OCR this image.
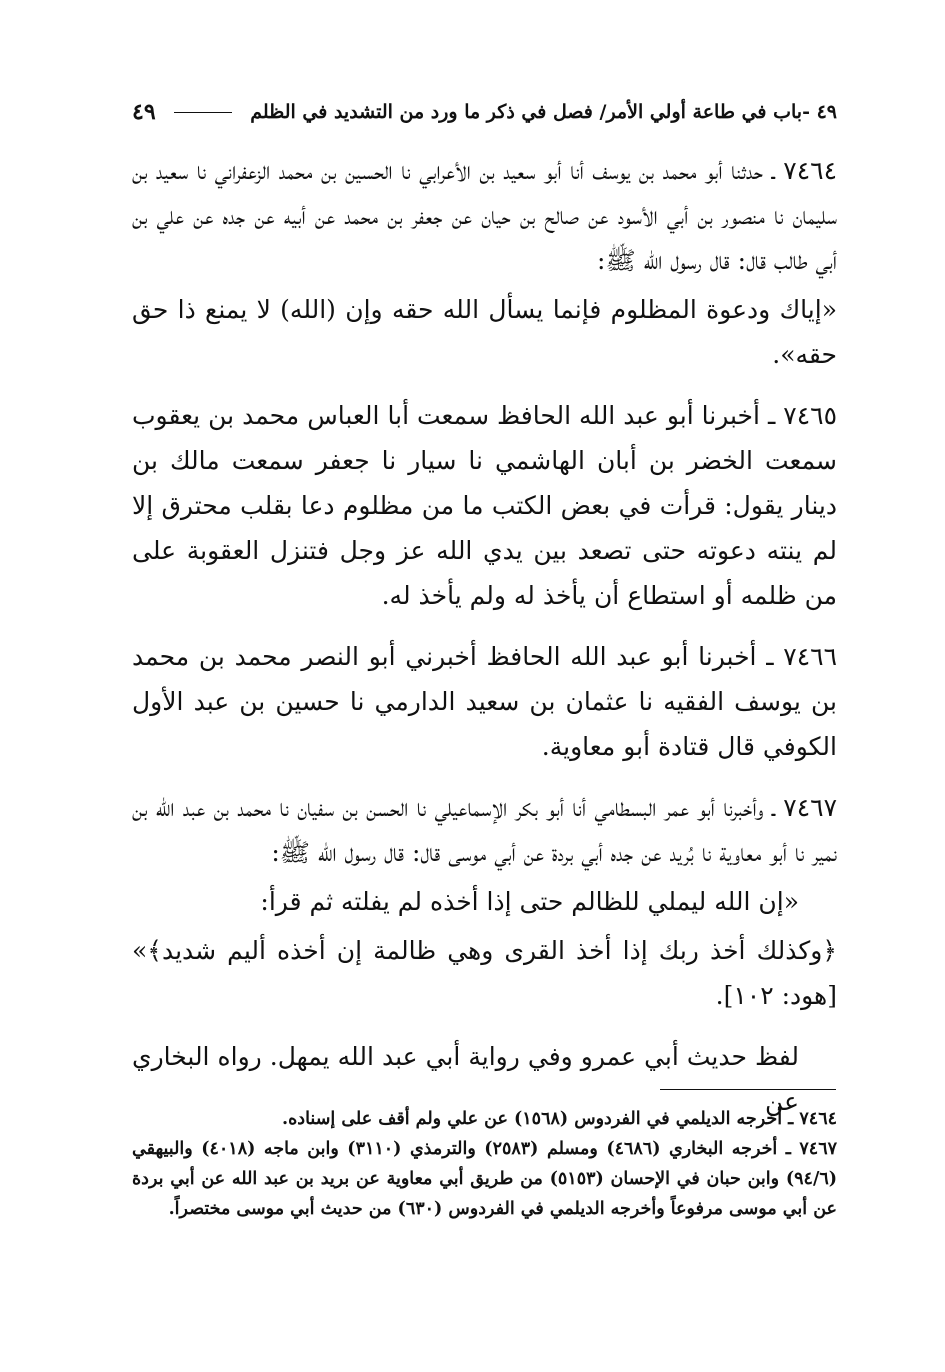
٤٩ -باب في طاعة أولي الأمر/ فصل في ذكر ما ورد من التشديد في الظلم
٤٩

٧٤٦٤ ـ حدثنا أبو محمد بن يوسف أنا أبو سعيد بن الأعرابي نا الحسين بن محمد الزعفراني نا سعيد بن سليمان نا منصور بن أبي الأسود عن صالح بن حيان عن جعفر بن محمد عن أبيه عن جده عن علي بن أبي طالب قال: قال رسول الله ﷺ:

«إياك ودعوة المظلوم فإنما يسأل الله حقه وإن (الله) لا يمنع ذا حق حقه».

٧٤٦٥ ـ أخبرنا أبو عبد الله الحافظ سمعت أبا العباس محمد بن يعقوب سمعت الخضر بن أبان الهاشمي نا سيار نا جعفر سمعت مالك بن دينار يقول: قرأت في بعض الكتب ما من مظلوم دعا بقلب محترق إلا لم ينته دعوته حتى تصعد بين يدي الله عز وجل فتنزل العقوبة على من ظلمه أو استطاع أن يأخذ له ولم يأخذ له.

٧٤٦٦ ـ أخبرنا أبو عبد الله الحافظ أخبرني أبو النصر محمد بن محمد بن يوسف الفقيه نا عثمان بن سعيد الدارمي نا حسين بن عبد الأول الكوفي قال قتادة أبو معاوية.

٧٤٦٧ ـ وأخبرنا أبو عمر البسطامي أنا أبو بكر الإسماعيلي نا الحسن بن سفيان نا محمد بن عبد الله بن نمير نا أبو معاوية نا بُريد عن جده أبي بردة عن أبي موسى قال: قال رسول الله ﷺ:

«إن الله ليملي للظالم حتى إذا أخذه لم يفلته ثم قرأ:

﴿وكذلك أخذ ربك إذا أخذ القرى وهي ظالمة إن أخذه أليم شديد﴾» [هود: ١٠٢].

لفظ حديث أبي عمرو وفي رواية أبي عبد الله يمهل. رواه البخاري عن

٧٤٦٤ ـ أخرجه الديلمي في الفردوس (١٥٦٨) عن علي ولم أقف على إسناده.

٧٤٦٧ ـ أخرجه البخاري (٤٦٨٦) ومسلم (٢٥٨٣) والترمذي (٣١١٠) وابن ماجه (٤٠١٨) والبيهقي (٩٤/٦) وابن حبان في الإحسان (٥١٥٣) من طريق أبي معاوية عن بريد بن عبد الله عن أبي بردة عن أبي موسى مرفوعاً وأخرجه الديلمي في الفردوس (٦٣٠) من حديث أبي موسى مختصراً.
